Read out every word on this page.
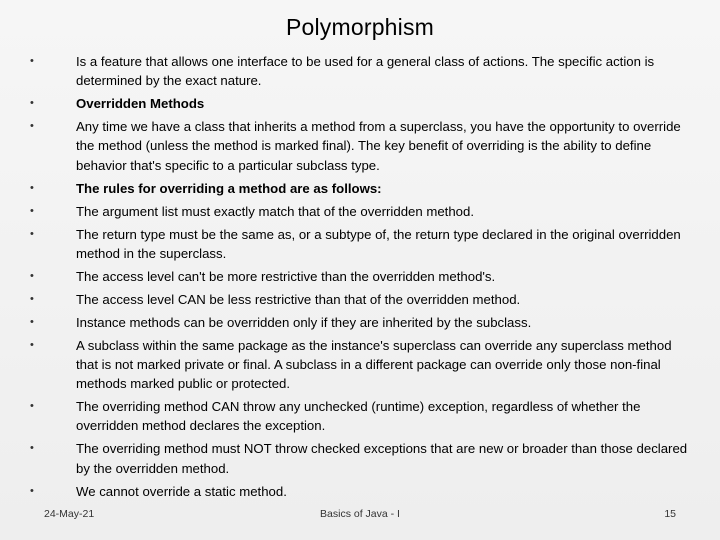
Polymorphism
•	Is a feature that allows one interface to be used for a general class of actions. The specific action is determined by the exact nature.
•	Overridden Methods
•	Any time we have a class that inherits a method from a superclass, you have the opportunity to override the method (unless the method is marked final). The key benefit of overriding is the ability to define behavior that's specific to a particular subclass type.
•	The rules for overriding a method are as follows:
•	The argument list must exactly match that of the overridden method.
•	The return type must be the same as, or a subtype of, the return type declared in the original overridden method in the superclass.
•	The access level can't be more restrictive than the overridden method's.
•	The access level CAN be less restrictive than that of the overridden method.
•	Instance methods can be overridden only if they are inherited by the subclass.
•	A subclass within the same package as the instance's superclass can override any superclass method that is not marked private or final. A subclass in a different package can override only those non-final methods marked public or protected.
•	The overriding method CAN throw any unchecked (runtime) exception, regardless of whether the overridden method declares the exception.
•	The overriding method must NOT throw checked exceptions that are new or broader than those declared by the overridden method.
•	We cannot override a static method.
24-May-21	Basics of Java - I	15
